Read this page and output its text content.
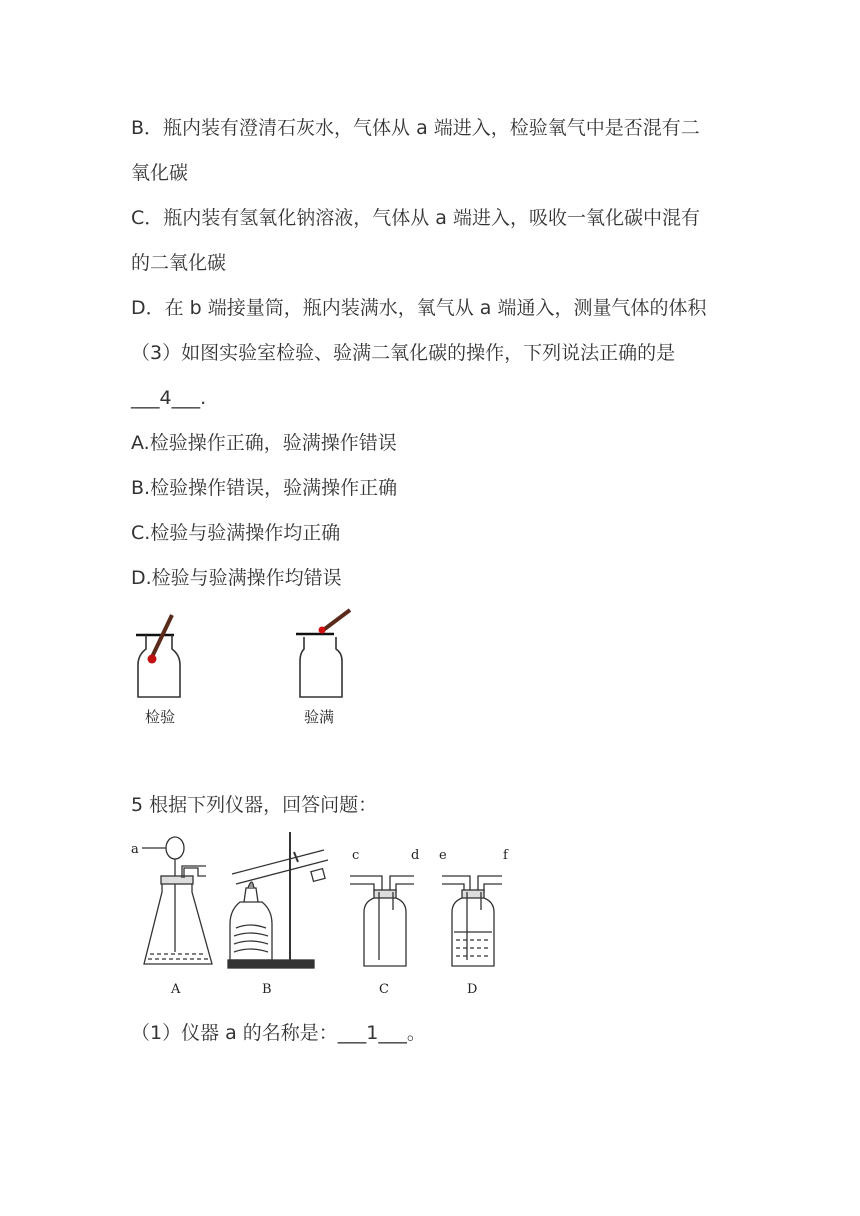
B．瓶内装有澄清石灰水，气体从 a 端进入，检验氧气中是否混有二
氧化碳
C．瓶内装有氢氧化钠溶液，气体从 a 端进入，吸收一氧化碳中混有
的二氧化碳
D．在 b 端接量筒，瓶内装满水，氧气从 a 端通入，测量气体的体积
（3）如图实验室检验、验满二氧化碳的操作，下列说法正确的是
___4___.
A.检验操作正确，验满操作错误
B.检验操作错误，验满操作正确
C.检验与验满操作均正确
D.检验与验满操作均错误
5 根据下列仪器，回答问题：
（1）仪器 a 的名称是：___1___。
检验	验满
a	c	d e	f
A	B	C	D
